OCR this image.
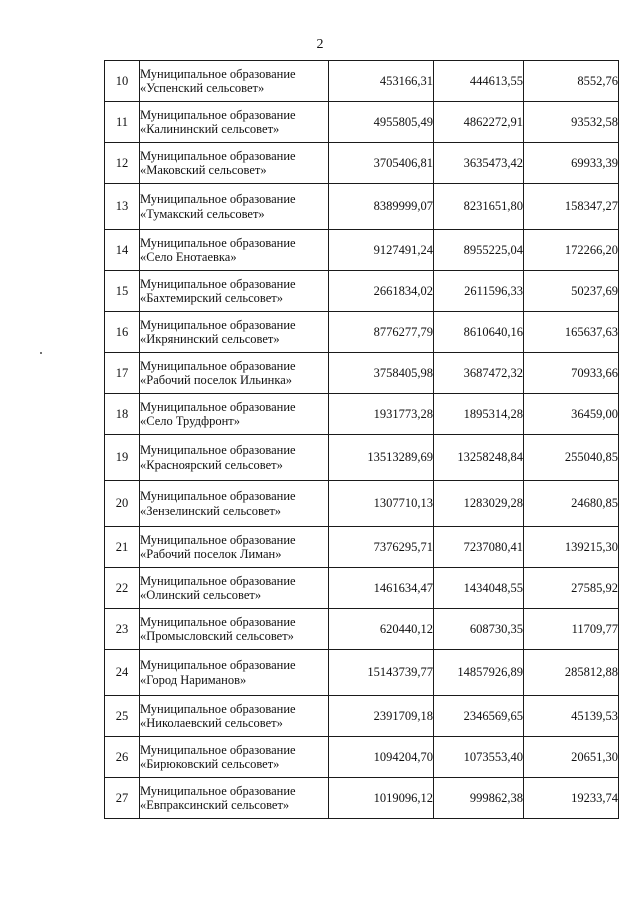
2
10	Муниципальное образование
«Успенский сельсовет»	453166,31	444613,55	8552,76
11	Муниципальное образование
«Калининский сельсовет»	4955805,49	4862272,91	93532,58
12	Муниципальное образование
«Маковский сельсовет»	3705406,81	3635473,42	69933,39
13	Муниципальное образование
«Тумакский сельсовет»	8389999,07	8231651,80	158347,27
14	Муниципальное образование
«Село Енотаевка»	9127491,24	8955225,04	172266,20
15	Муниципальное образование
«Бахтемирский сельсовет»	2661834,02	2611596,33	50237,69
16	Муниципальное образование
«Икрянинский сельсовет»	8776277,79	8610640,16	165637,63
17	Муниципальное образование
«Рабочий поселок Ильинка»	3758405,98	3687472,32	70933,66
18	Муниципальное образование
«Село Трудфронт»	1931773,28	1895314,28	36459,00
19	Муниципальное образование
«Красноярский сельсовет»	13513289,69	13258248,84	255040,85
20	Муниципальное образование
«Зензелинский сельсовет»	1307710,13	1283029,28	24680,85
21	Муниципальное образование
«Рабочий поселок Лиман»	7376295,71	7237080,41	139215,30
22	Муниципальное образование
«Олинский сельсовет»	1461634,47	1434048,55	27585,92
23	Муниципальное образование
«Промысловский сельсовет»	620440,12	608730,35	11709,77
24	Муниципальное образование
«Город Нариманов»	15143739,77	14857926,89	285812,88
25	Муниципальное образование
«Николаевский сельсовет»	2391709,18	2346569,65	45139,53
26	Муниципальное образование
«Бирюковский сельсовет»	1094204,70	1073553,40	20651,30
27	Муниципальное образование
«Евпраксинский сельсовет»	1019096,12	999862,38	19233,74
